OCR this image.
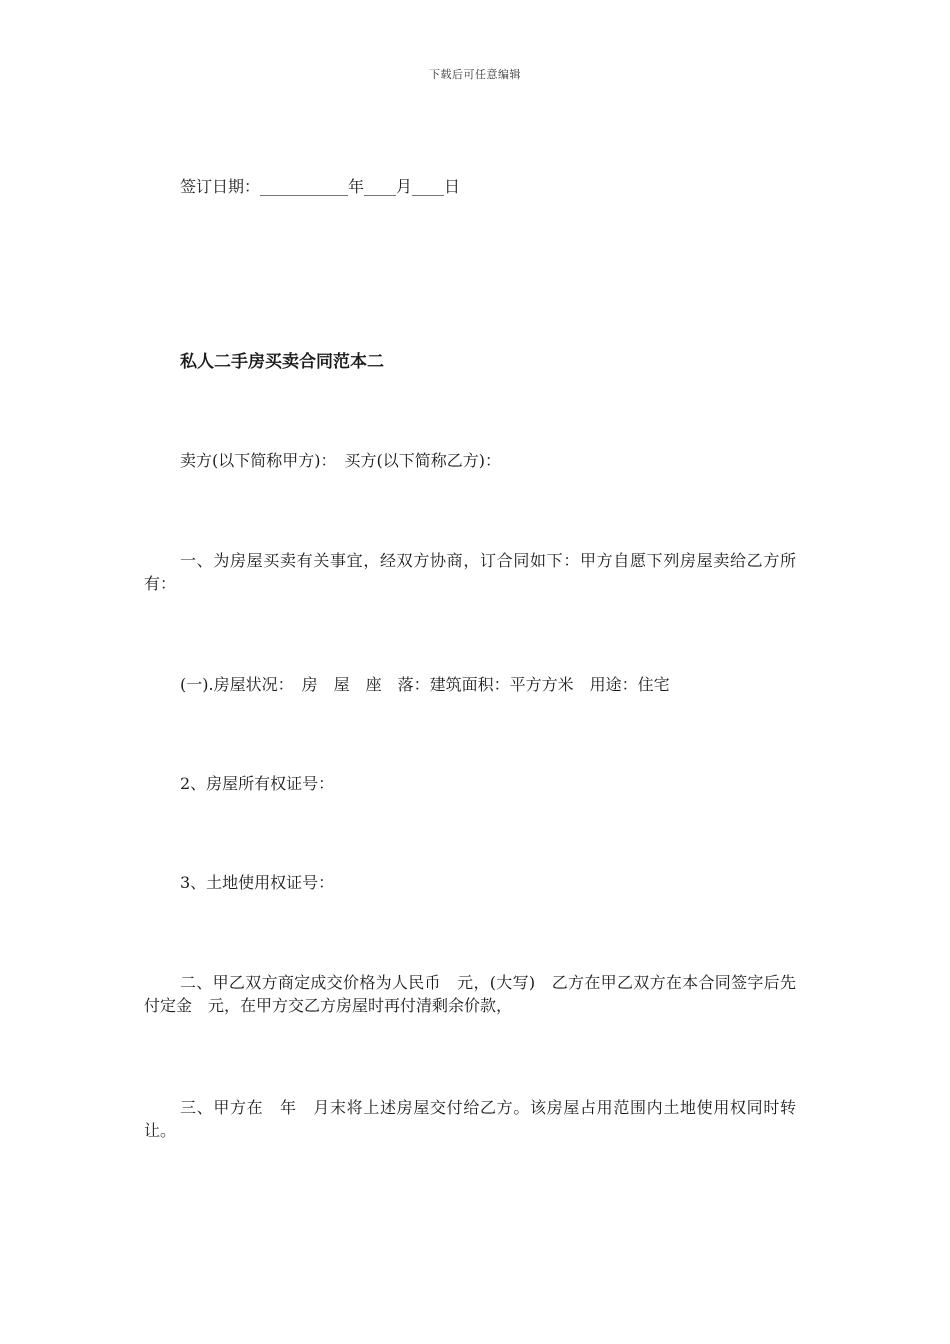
下载后可任意编辑
签订日期：___________年____月____日
私人二手房买卖合同范本二
卖方(以下简称甲方)：　买方(以下简称乙方)：
一、为房屋买卖有关事宜，经双方协商，订合同如下：甲方自愿下列房屋卖给乙方所有：
(一).房屋状况：　房　屋　座　落：建筑面积：平方方米　用途：住宅
2、房屋所有权证号：
3、土地使用权证号：
二、甲乙双方商定成交价格为人民币　元，(大写)　乙方在甲乙双方在本合同签字后先付定金　元，在甲方交乙方房屋时再付清剩余价款，
三、甲方在　年　月末将上述房屋交付给乙方。该房屋占用范围内土地使用权同时转让。
